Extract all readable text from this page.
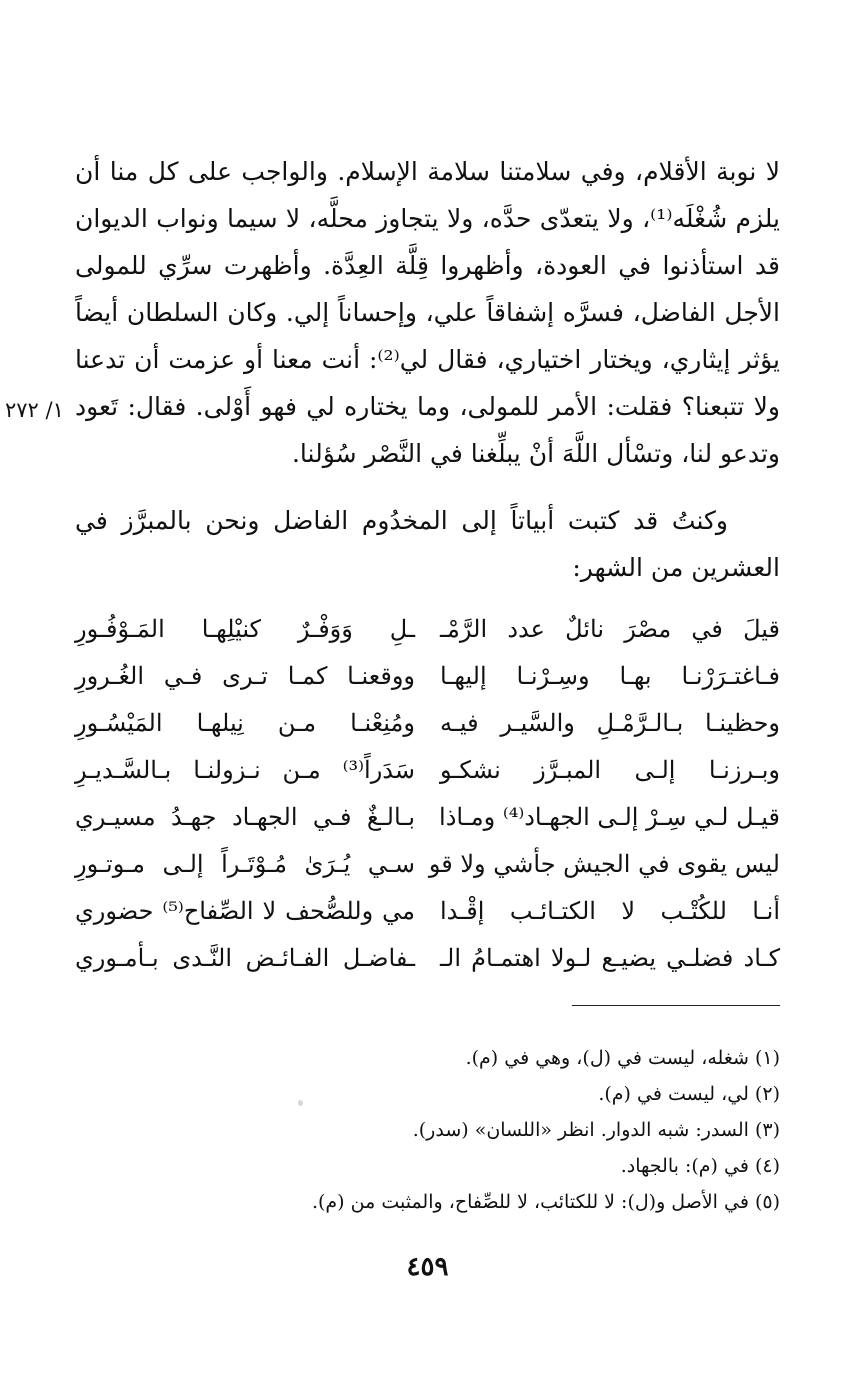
لا نوبة الأقلام، وفي سلامتنا سلامة الإسلام. والواجب على كل منا أن يلزم شُغْلَه⁽¹⁾، ولا يتعدّى حدَّه، ولا يتجاوز محلَّه، لا سيما ونواب الديوان قد استأذنوا في العودة، وأظهروا قِلَّة العِدَّة. وأظهرت سرِّي للمولى الأجل الفاضل، فسرَّه إشفاقاً علي، وإحساناً إلي. وكان السلطان أيضاً يؤثر إيثاري، ويختار اختياري، فقال لي⁽²⁾: أنت معنا أو عزمت أن تدعنا ولا تتبعنا؟ فقلت: الأمر للمولى، وما يختاره لي فهو أَوْلى. فقال: تَعود وتدعو لنا، وتسْأل اللَّهَ أنْ يبلِّغنا في النَّصْر سُؤلنا.

١/ ٢٧٢

وكنتُ قد كتبت أبياتاً إلى المخدُوم الفاضل ونحن بالمبرَّز في العشرين من الشهر:

قيلَ في مصْرَ نائلٌ عدد الرَّمْـ
ـلِ وَوَفْـرٌ كنيْلِهـا المَـوْفُـورِ
فـاغتـرَرْنـا بهـا وسِـرْنـا إليهـا
ووقعنـا كمـا تـرى فـي الغُـرورِ
وحظينـا بـالـرَّمْـلِ والسَّيـر فيـه
ومُنِعْنـا مـن نِيلهـا المَيْسُـورِ
وبـرزنـا إلـى المبـرَّز نشكـو
سَدَراً⁽³⁾ مـن نـزولنـا بـالسَّـديـرِ
قيـل لـي سِـرْ إلـى الجهـاد⁽⁴⁾ ومـاذا
بـالـغٌ فـي الجهـاد جهـدُ مسيـري
ليس يقوى في الجيش جأشي ولا قو
سـي يُـرَىٰ مُـوْتَـراً إلـى مـوتـورِ
أنـا للكُتْـب لا الكتـائـب إقْـدا
مي وللصُّحف لا الصِّفاح⁽⁵⁾ حضوري
كـاد فضلـي يضيـع لـولا اهتمـامُ الـ
ـفاضـل الفـائـض النَّـدى بـأمـوري
(١) شغله، ليست في (ل)، وهي في (م).
(٢) لي، ليست في (م).
(٣) السدر: شبه الدوار. انظر «اللسان» (سدر).
(٤) في (م): بالجهاد.
(٥) في الأصل و(ل): لا للكتائب، لا للصِّفاح، والمثبت من (م).
٤٥٩
